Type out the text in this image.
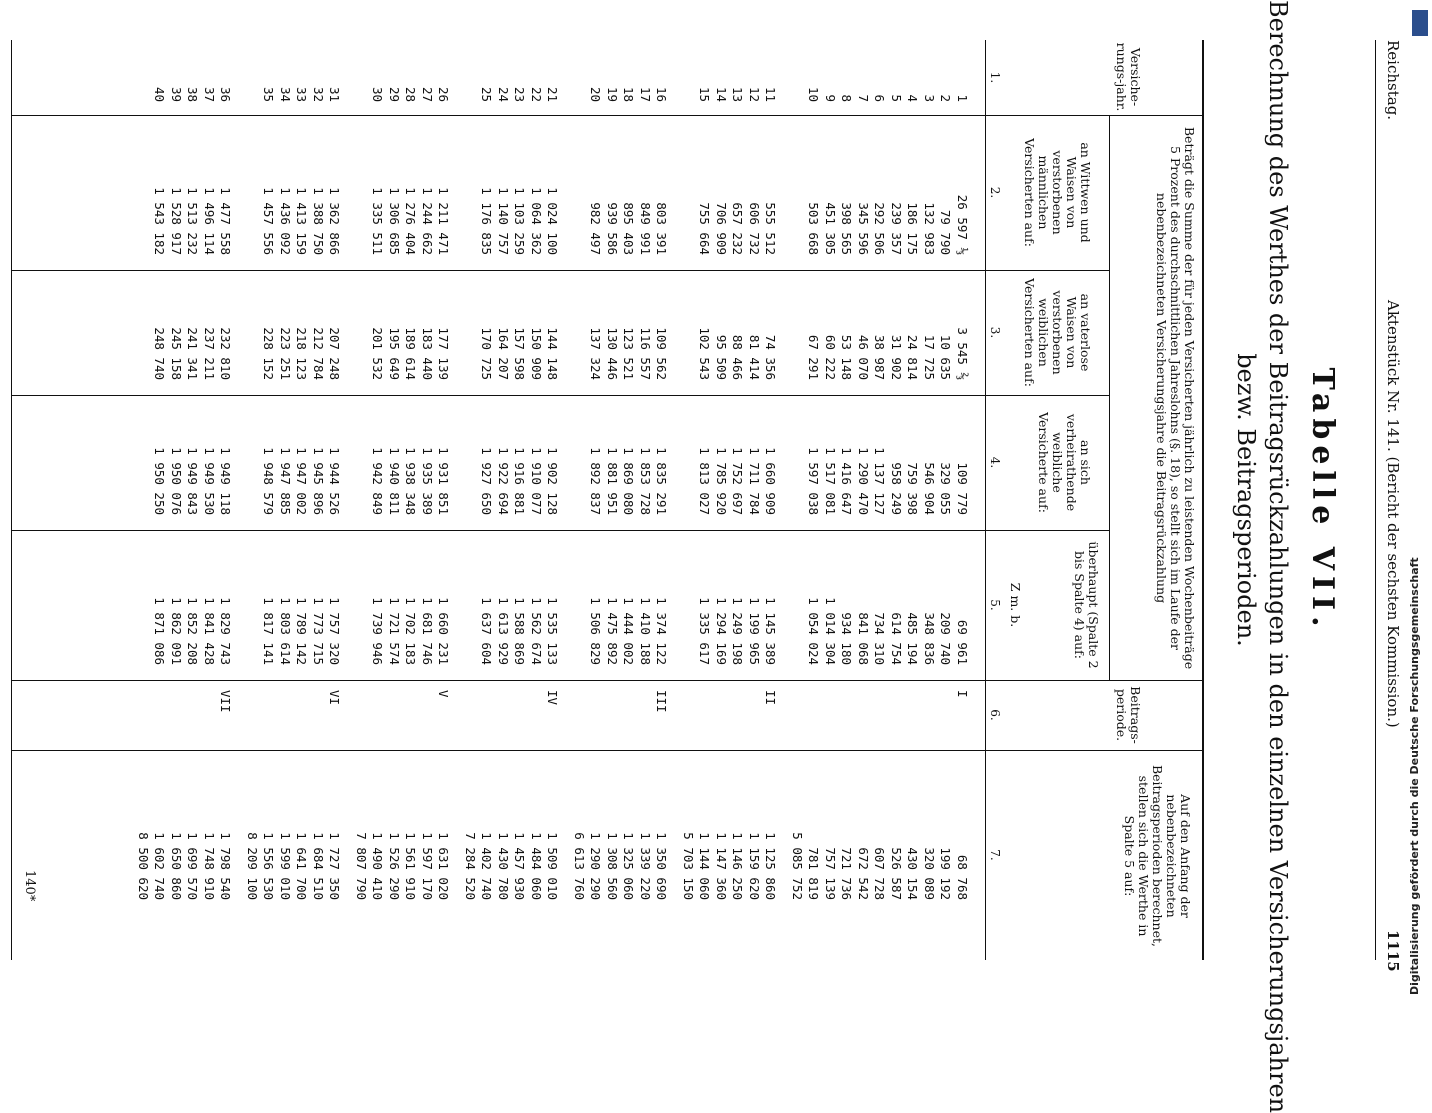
Reichstag.
Aktenstück Nr. 141. (Bericht der sechsten Kommission.)
1115
Tabelle VII.
Berechnung des Werthes der Beitragsrückzahlungen in den einzelnen Versicherungsjahren
bezw. Beitragsperioden.
Versiche-rungs-jahr.
Beträgt die Summe der für jeden Versicherten jährlich zu leistenden Wochenbeiträge 5 Prozent des durchschnittlichen Jahreslohns (§. 18), so stellt sich im Laufe der nebenbezeichneten Versicherungsjahre die Beitragsrückzahlung
an Wittwen und Waisen von verstorbenen männlichen Versicherten auf:
an vaterlose Waisen von verstorbenen weiblichen Versicherten auf:
an sich verheirathende weibliche Versicherte auf:
überhaupt (Spalte 2 bis Spalte 4) auf:
Z m. b.
Beitrags-periode.
Auf den Anfang der nebenbezeichneten Beitragsperioden berechnet, stellen sich die Werthe in Spalte 5 auf:
1.
2.
3.
4.
5.
6.
7.
1
26 597 ⅓
3 545 ⅔
109 779
69 961
I
68 768
2
79 790
10 635
329 055
209 740
199 192
3
132 983
17 725
546 904
348 836
320 089
4
186 175
24 814
759 398
485 194
430 154
5
239 357
31 902
958 249
614 754
526 587
6
292 506
38 987
1 137 127
734 310
607 728
7
345 596
46 070
1 290 470
841 068
672 542
8
398 565
53 148
1 416 647
934 180
721 736
9
451 305
60 222
1 517 081
1 014 304
757 139
10
503 668
67 291
1 597 038
1 054 024
781 819
5 085 752
11
555 512
74 356
1 660 909
1 145 389
II
1 125 860
12
606 732
81 414
1 711 784
1 199 965
1 159 620
13
657 232
88 466
1 752 697
1 249 198
1 146 250
14
706 909
95 509
1 785 920
1 294 169
1 147 360
15
755 664
102 543
1 813 027
1 335 617
1 144 060
5 703 150
16
803 391
109 562
1 835 291
1 374 122
III
1 350 690
17
849 991
116 557
1 853 728
1 410 188
1 339 220
18
895 403
123 521
1 869 080
1 444 002
1 325 060
19
939 586
130 446
1 881 951
1 475 892
1 308 560
20
982 497
137 324
1 892 837
1 506 829
1 290 290
6 613 760
21
1 024 100
144 148
1 902 128
1 535 133
IV
1 509 010
22
1 064 362
150 909
1 910 077
1 562 674
1 484 060
23
1 103 259
157 598
1 916 881
1 588 869
1 457 930
24
1 140 757
164 207
1 922 694
1 613 929
1 430 780
25
1 176 835
170 725
1 927 650
1 637 604
1 402 740
7 284 520
26
1 211 471
177 139
1 931 851
1 660 231
V
1 631 020
27
1 244 662
183 440
1 935 389
1 681 746
1 597 170
28
1 276 404
189 614
1 938 348
1 702 183
1 561 910
29
1 306 685
195 649
1 940 811
1 721 574
1 526 290
30
1 335 511
201 532
1 942 849
1 739 946
1 490 410
7 807 790
31
1 362 866
207 248
1 944 526
1 757 320
VI
1 727 350
32
1 388 750
212 784
1 945 896
1 773 715
1 684 510
33
1 413 159
218 123
1 947 002
1 789 142
1 641 700
34
1 436 092
223 251
1 947 885
1 803 614
1 599 010
35
1 457 556
228 152
1 948 579
1 817 141
1 556 530
8 209 100
36
1 477 558
232 810
1 949 118
1 829 743
VII
1 798 540
37
1 496 114
237 211
1 949 530
1 841 428
1 748 910
38
1 513 232
241 341
1 949 843
1 852 208
1 699 570
39
1 528 917
245 158
1 950 076
1 862 091
1 650 860
40
1 543 182
248 740
1 950 250
1 871 086
1 602 740
8 500 620
140*	Digitalisierung gefördert durch die Deutsche Forschungsgemeinschaft
